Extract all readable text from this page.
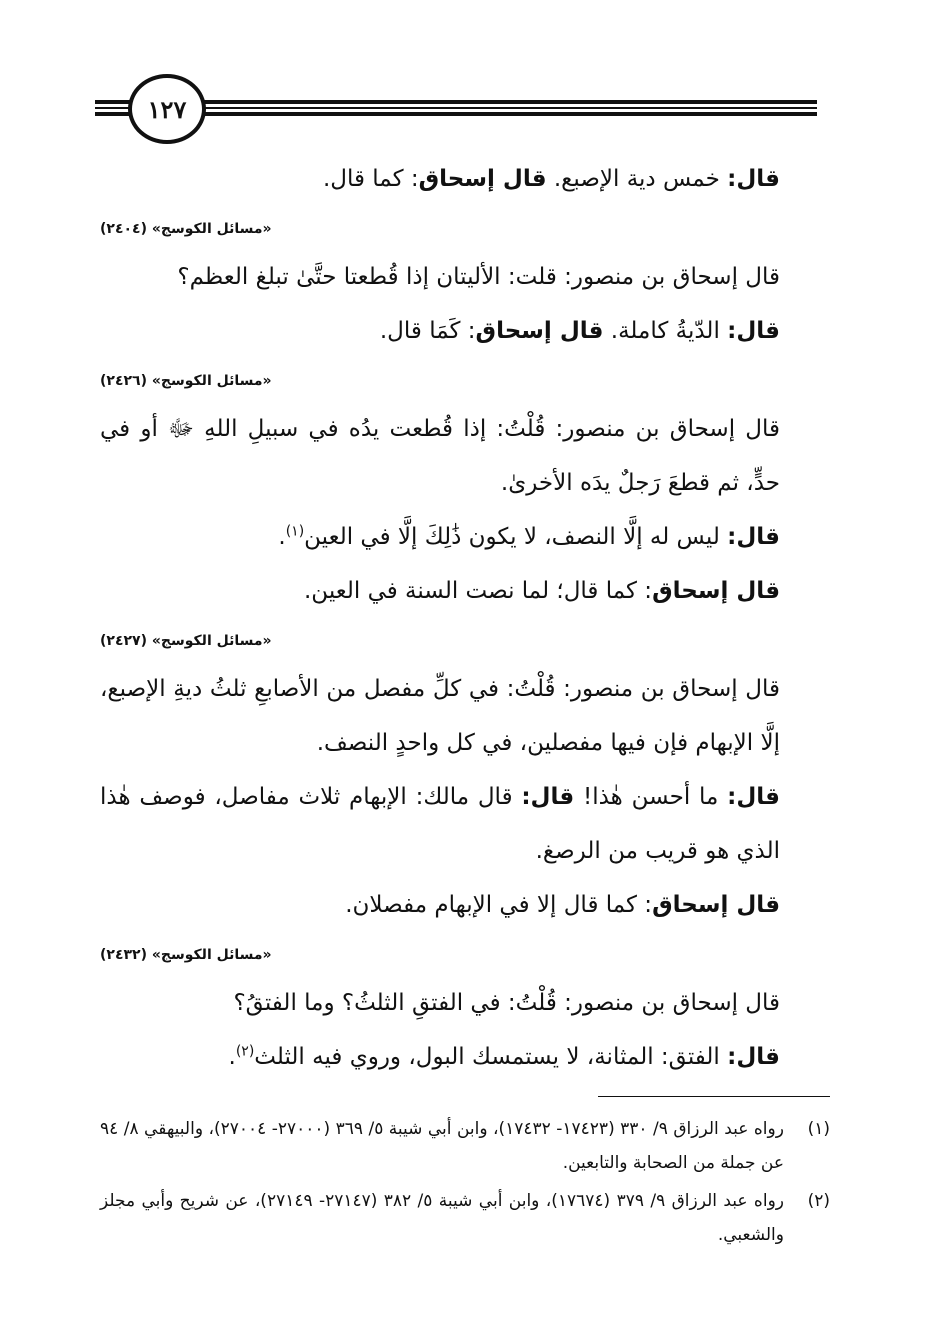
١٢٧

قال: خمس دية الإصبع. قال إسحاق: كما قال.

«مسائل الكوسج» (٢٤٠٤)

قال إسحاق بن منصور: قلت: الأليتان إذا قُطعتا حتَّىٰ تبلغ العظم؟

قال: الدّيةُ كاملة. قال إسحاق: كَمَا قال.

«مسائل الكوسج» (٢٤٢٦)

قال إسحاق بن منصور: قُلْتُ: إذا قُطعت يدُه في سبيلِ اللهِ ﷻ أو في حدٍّ، ثم قطعَ رَجلٌ يدَه الأخرىٰ.

قال: ليس له إلَّا النصف، لا يكون ذَٰلِكَ إلَّا في العين$^{(١)}$.

قال إسحاق: كما قال؛ لما نصت السنة في العين.

«مسائل الكوسج» (٢٤٢٧)

قال إسحاق بن منصور: قُلْتُ: في كلِّ مفصل من الأصابعِ ثلثُ ديةِ الإصبع، إلَّا الإبهام فإن فيها مفصلين، في كل واحدٍ النصف.

قال: ما أحسن هٰذا! قال: قال مالك: الإبهام ثلاث مفاصل، فوصف هٰذا الذي هو قريب من الرصغ.

قال إسحاق: كما قال إلا في الإبهام مفصلان.

«مسائل الكوسج» (٢٤٣٢)

قال إسحاق بن منصور: قُلْتُ: في الفتقِ الثلثُ؟ وما الفتقُ؟

قال: الفتق: المثانة، لا يستمسك البول، وروي فيه الثلث$^{(٢)}$.

(١)
رواه عبد الرزاق ٩/ ٣٣٠ (١٧٤٢٣- ١٧٤٣٢)، وابن أبي شيبة ٥/ ٣٦٩ (٢٧٠٠٠- ٢٧٠٠٤)، والبيهقي ٨/ ٩٤ عن جملة من الصحابة والتابعين.
(٢)
رواه عبد الرزاق ٩/ ٣٧٩ (١٧٦٧٤)، وابن أبي شيبة ٥/ ٣٨٢ (٢٧١٤٧- ٢٧١٤٩)، عن شريح وأبي مجلز والشعبي.
